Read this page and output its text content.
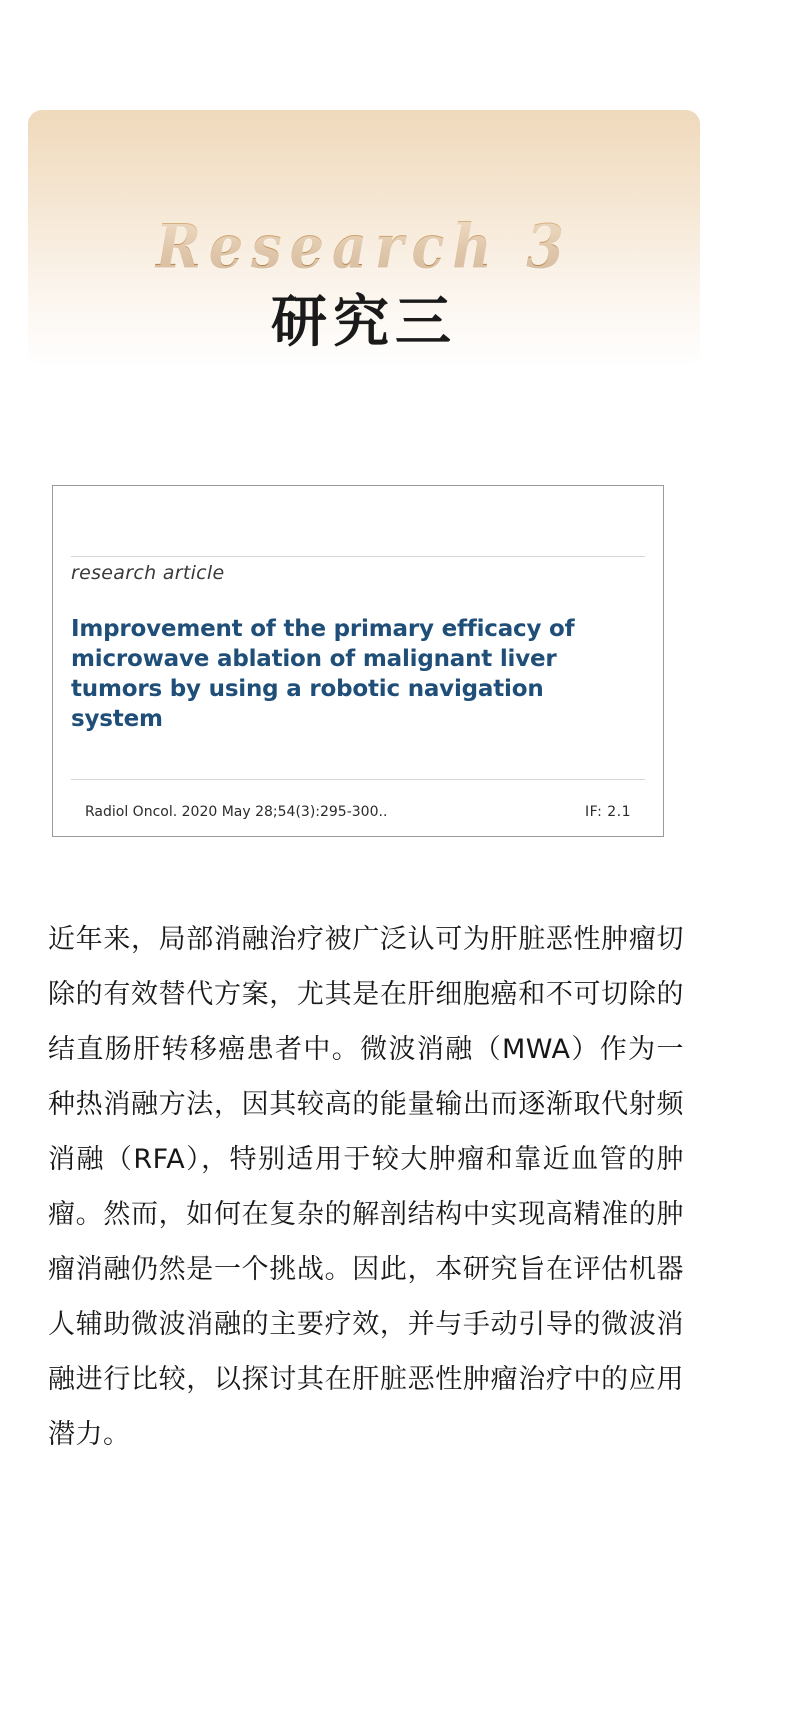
Research 3
研究三
research article
Improvement of the primary efficacy of microwave ablation of malignant liver tumors by using a robotic navigation system
Radiol Oncol. 2020 May 28;54(3):295-300..	IF: 2.1
近年来，局部消融治疗被广泛认可为肝脏恶性肿瘤切除的有效替代方案，尤其是在肝细胞癌和不可切除的结直肠肝转移癌患者中。微波消融（MWA）作为一种热消融方法，因其较高的能量输出而逐渐取代射频消融（RFA），特别适用于较大肿瘤和靠近血管的肿瘤。然而，如何在复杂的解剖结构中实现高精准的肿瘤消融仍然是一个挑战。因此，本研究旨在评估机器人辅助微波消融的主要疗效，并与手动引导的微波消融进行比较，以探讨其在肝脏恶性肿瘤治疗中的应用潜力。
